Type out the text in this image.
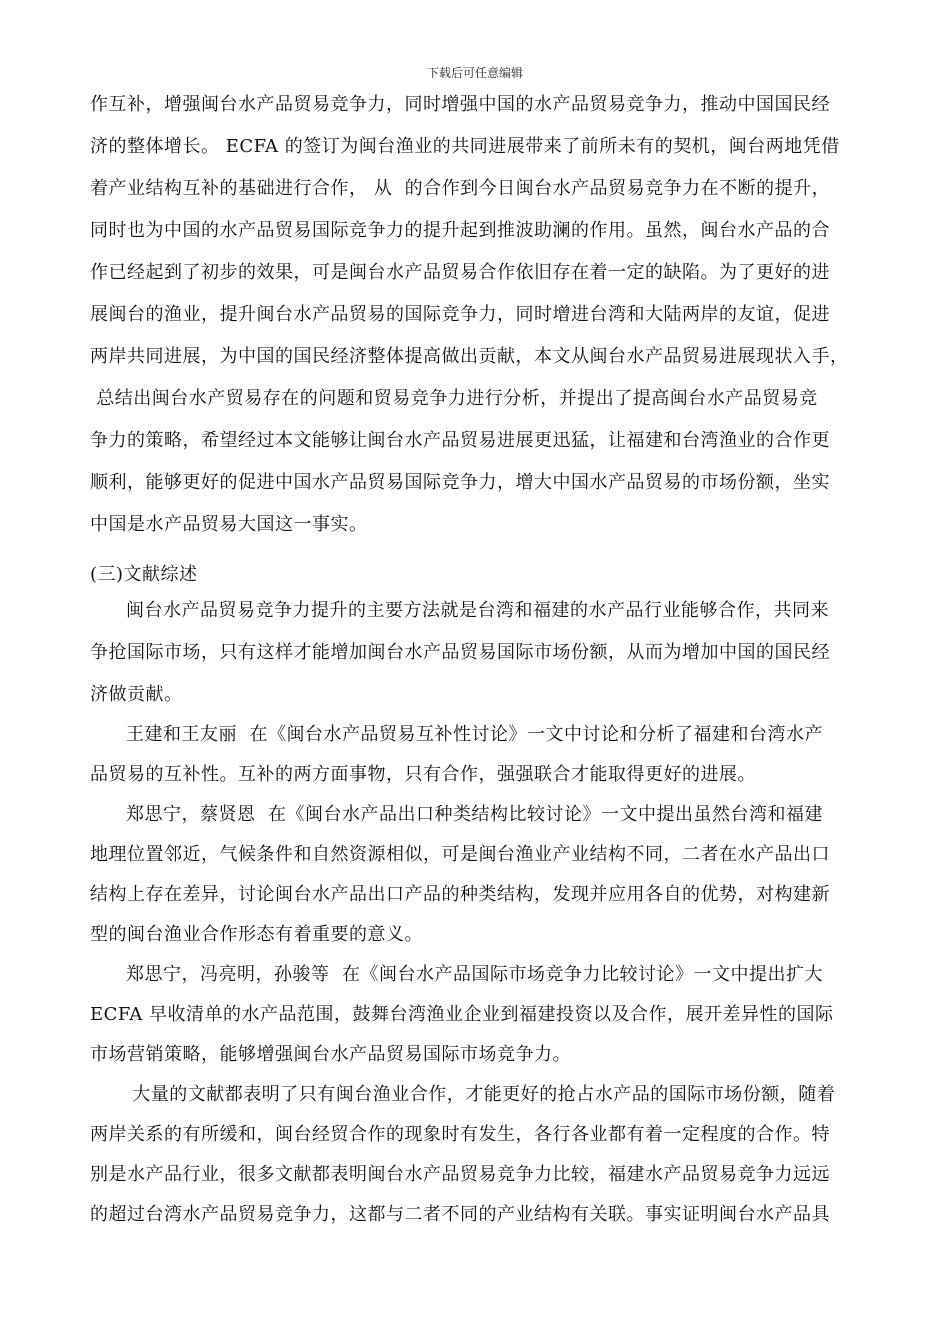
下载后可任意编辑
作互补，增强闽台水产品贸易竞争力，同时增强中国的水产品贸易竞争力，推动中国国民经
济的整体增长。 ECFA 的签订为闽台渔业的共同进展带来了前所未有的契机，闽台两地凭借
着产业结构互补的基础进行合作， 从  的合作到今日闽台水产品贸易竞争力在不断的提升，
同时也为中国的水产品贸易国际竞争力的提升起到推波助澜的作用。虽然，闽台水产品的合
作已经起到了初步的效果，可是闽台水产品贸易合作依旧存在着一定的缺陷。为了更好的进
展闽台的渔业，提升闽台水产品贸易的国际竞争力，同时增进台湾和大陆两岸的友谊，促进
两岸共同进展，为中国的国民经济整体提高做出贡献，本文从闽台水产品贸易进展现状入手，
总结出闽台水产贸易存在的问题和贸易竞争力进行分析，并提出了提高闽台水产品贸易竞
争力的策略，希望经过本文能够让闽台水产品贸易进展更迅猛，让福建和台湾渔业的合作更
顺利，能够更好的促进中国水产品贸易国际竞争力，增大中国水产品贸易的市场份额，坐实
中国是水产品贸易大国这一事实。
(三)文献综述
闽台水产品贸易竞争力提升的主要方法就是台湾和福建的水产品行业能够合作，共同来
争抢国际市场，只有这样才能增加闽台水产品贸易国际市场份额，从而为增加中国的国民经
济做贡献。
王建和王友丽  在《闽台水产品贸易互补性讨论》一文中讨论和分析了福建和台湾水产
品贸易的互补性。互补的两方面事物，只有合作，强强联合才能取得更好的进展。
郑思宁，蔡贤恩  在《闽台水产品出口种类结构比较讨论》一文中提出虽然台湾和福建
地理位置邻近，气候条件和自然资源相似，可是闽台渔业产业结构不同，二者在水产品出口
结构上存在差异，讨论闽台水产品出口产品的种类结构，发现并应用各自的优势，对构建新
型的闽台渔业合作形态有着重要的意义。
郑思宁，冯亮明，孙骏等  在《闽台水产品国际市场竞争力比较讨论》一文中提出扩大
ECFA 早收清单的水产品范围，鼓舞台湾渔业企业到福建投资以及合作，展开差异性的国际
市场营销策略，能够增强闽台水产品贸易国际市场竞争力。
大量的文献都表明了只有闽台渔业合作，才能更好的抢占水产品的国际市场份额，随着
两岸关系的有所缓和，闽台经贸合作的现象时有发生，各行各业都有着一定程度的合作。特
别是水产品行业，很多文献都表明闽台水产品贸易竞争力比较，福建水产品贸易竞争力远远
的超过台湾水产品贸易竞争力，这都与二者不同的产业结构有关联。事实证明闽台水产品具
